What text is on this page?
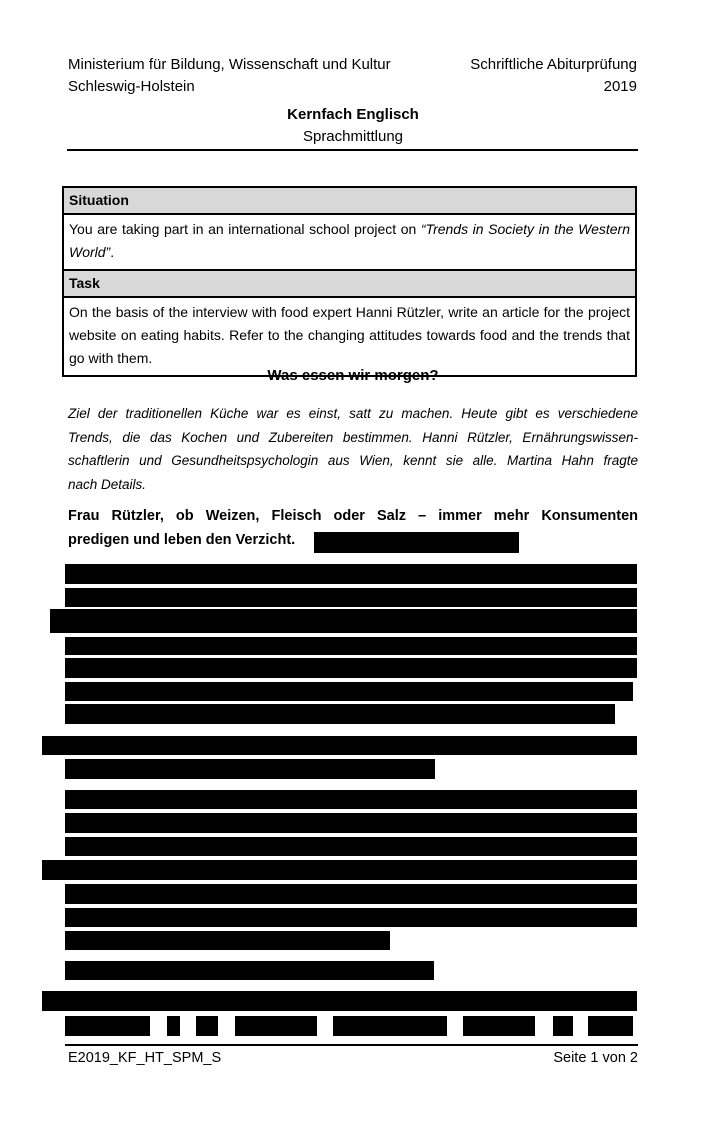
Ministerium für Bildung, Wissenschaft und Kultur
Schleswig-Holstein
Schriftliche Abiturprüfung
2019
Kernfach Englisch
Sprachmittlung
Situation
You are taking part in an international school project on “Trends in Society in the Western World”.
Task
On the basis of the interview with food expert Hanni Rützler, write an article for the project website on eating habits. Refer to the changing attitudes towards food and the trends that go with them.
Was essen wir morgen?
Ziel der traditionellen Küche war es einst, satt zu machen. Heute gibt es verschiedene
Trends, die das Kochen und Zubereiten bestimmen. Hanni Rützler, Ernährungswissen-
schaftlerin und Gesundheitspsychologin aus Wien, kennt sie alle. Martina Hahn fragte
nach Details.
Frau Rützler, ob Weizen, Fleisch oder Salz – immer mehr Konsumenten
predigen und leben den Verzicht.
E2019_KF_HT_SPM_S	Seite 1 von 2
